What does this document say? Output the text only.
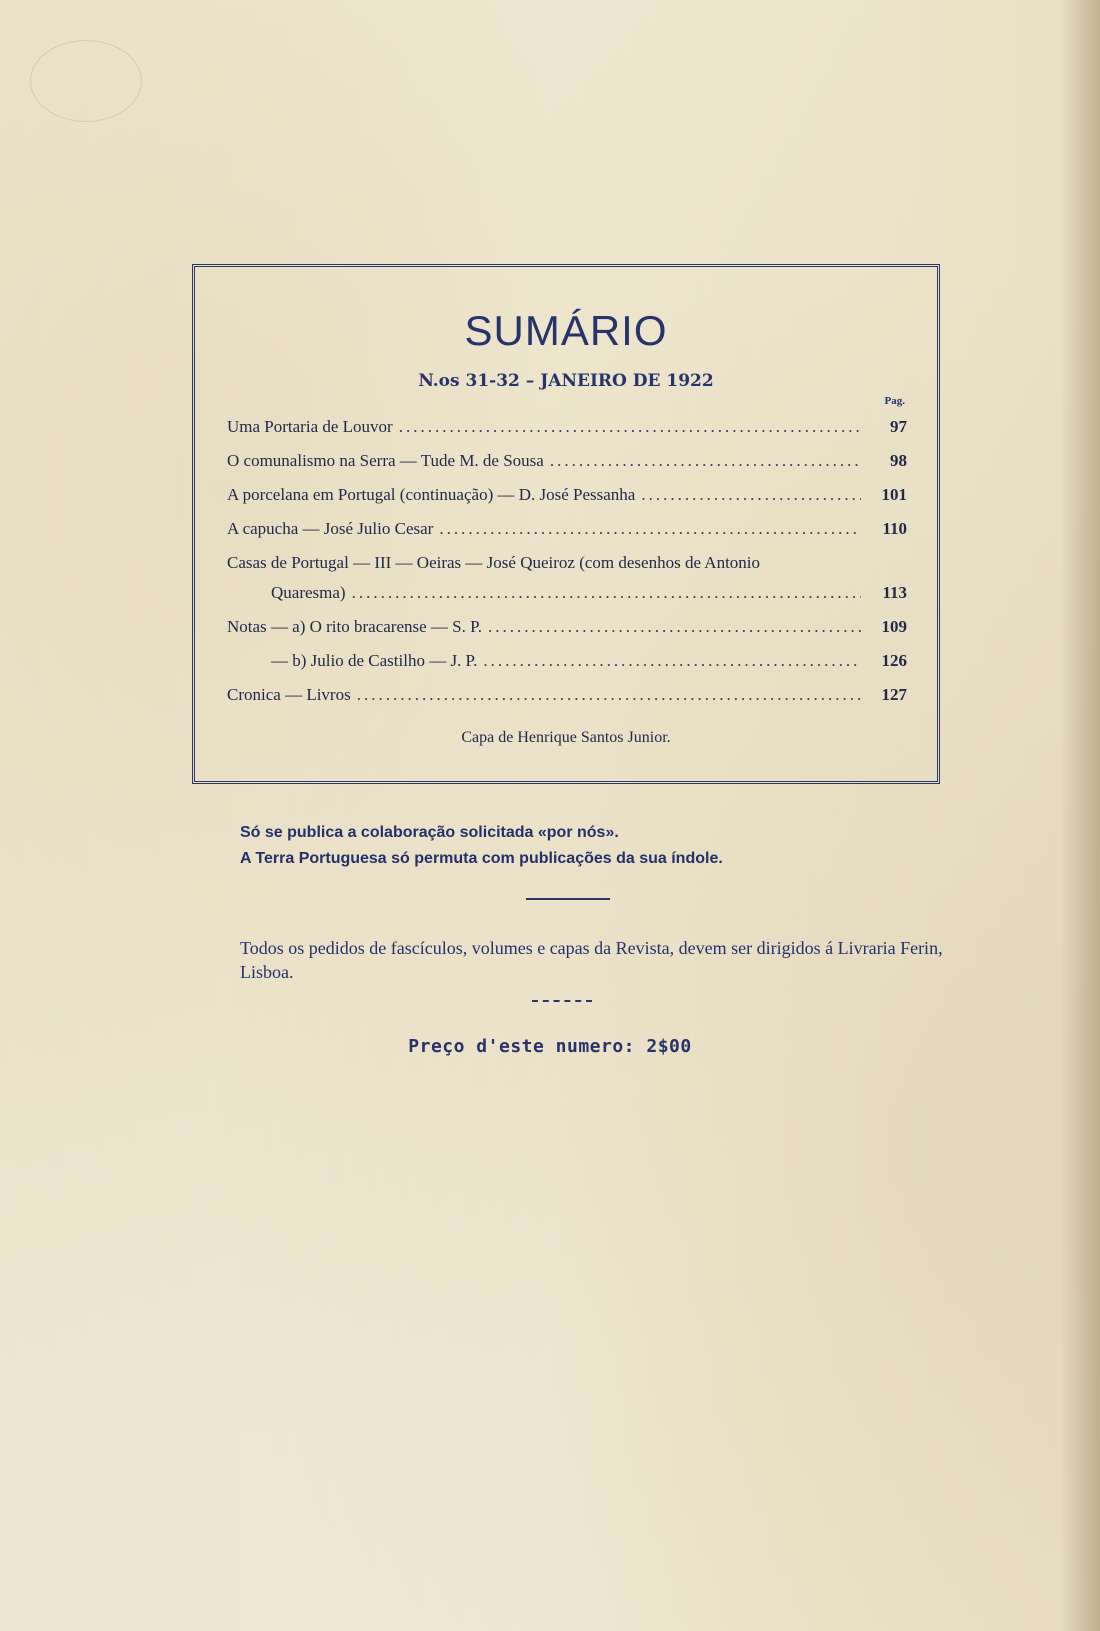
SUMÁRIO
N.os 31-32 – JANEIRO DE 1922
Pag.
Uma Portaria de Louvor .....	97
O comunalismo na Serra — Tude M. de Sousa .....	98
A porcelana em Portugal (continuação) — D. José Pessanha .....	101
A capucha — José Julio Cesar .....	110
Casas de Portugal — III — Oeiras — José Queiroz (com desenhos de Antonio
Quaresma) .....	113
Notas — a) O rito bracarense — S. P. .....	109
— b) Julio de Castilho — J. P. .....	126
Cronica — Livros .....	127
Capa de Henrique Santos Junior.
Só se publica a colaboração solicitada «por nós».
A Terra Portuguesa só permuta com publicações da sua índole.
Todos os pedidos de fascículos, volumes e capas da Revista, devem ser dirigidos á Livraria Ferin, Lisboa.
Preço d'este numero: 2$00
